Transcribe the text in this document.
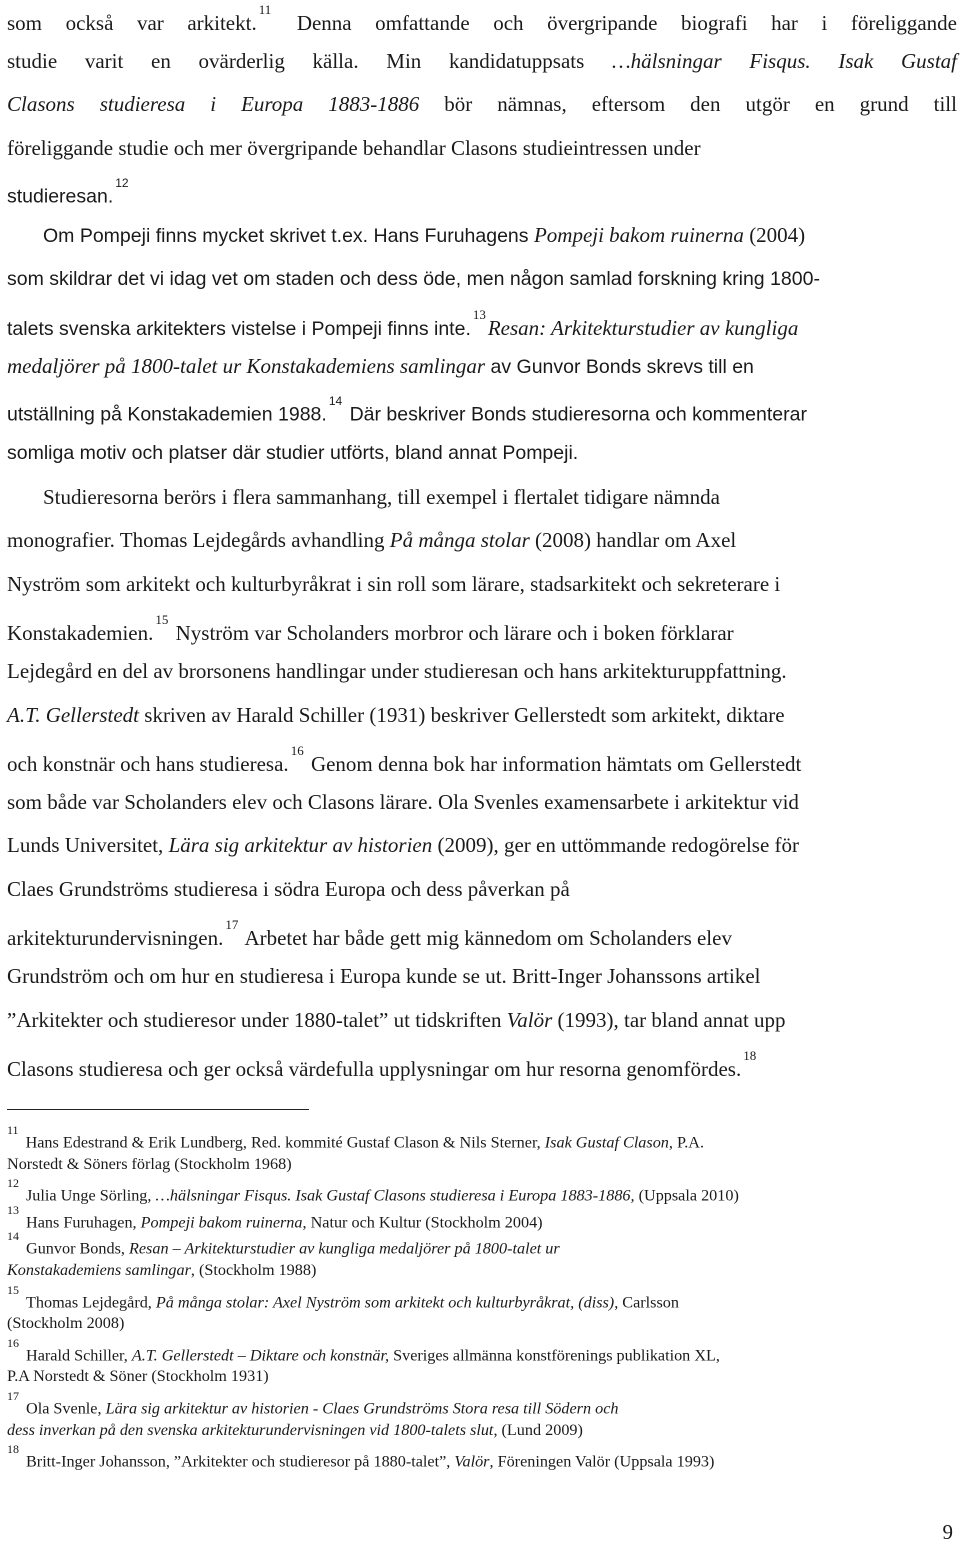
som också var arkitekt.$^{11}$ Denna omfattande och övergripande biografi har i föreliggande
studie varit en ovärderlig källa. Min kandidatuppsats …hälsningar Fisqus. Isak Gustaf
Clasons studieresa i Europa 1883-1886 bör nämnas, eftersom den utgör en grund till
föreliggande studie och mer övergripande behandlar Clasons studieintressen under
studieresan.$^{12}$
Om Pompeji finns mycket skrivet t.ex. Hans Furuhagens Pompeji bakom ruinerna (2004)
som skildrar det vi idag vet om staden och dess öde, men någon samlad forskning kring 1800-
talets svenska arkitekters vistelse i Pompeji finns inte.$^{13}$Resan: Arkitekturstudier av kungliga
medaljörer på 1800-talet ur Konstakademiens samlingar av Gunvor Bonds skrevs till en
utställning på Konstakademien 1988.14 Där beskriver Bonds studieresorna och kommenterar
somliga motiv och platser där studier utförts, bland annat Pompeji.
Studieresorna berörs i flera sammanhang, till exempel i flertalet tidigare nämnda
monografier. Thomas Lejdegårds avhandling På många stolar (2008) handlar om Axel
Nyström som arkitekt och kulturbyråkrat i sin roll som lärare, stadsarkitekt och sekreterare i
Konstakademien.$^{15}$ Nyström var Scholanders morbror och lärare och i boken förklarar
Lejdegård en del av brorsonens handlingar under studieresan och hans arkitekturuppfattning.
A.T. Gellerstedt skriven av Harald Schiller (1931) beskriver Gellerstedt som arkitekt, diktare
och konstnär och hans studieresa.$^{16}$ Genom denna bok har information hämtats om Gellerstedt
som både var Scholanders elev och Clasons lärare. Ola Svenles examensarbete i arkitektur vid
Lunds Universitet, Lära sig arkitektur av historien (2009), ger en uttömmande redogörelse för
Claes Grundströms studieresa i södra Europa och dess påverkan på
arkitekturundervisningen.$^{17}$ Arbetet har både gett mig kännedom om Scholanders elev
Grundström och om hur en studieresa i Europa kunde se ut. Britt-Inger Johanssons artikel
”Arkitekter och studieresor under 1880-talet” ut tidskriften Valör (1993), tar bland annat upp
Clasons studieresa och ger också värdefulla upplysningar om hur resorna genomfördes.$^{18}$
$^{11}$Hans Edestrand & Erik Lundberg, Red. kommité Gustaf Clason & Nils Sterner, Isak Gustaf Clason, P.A.
Norstedt & Söners förlag (Stockholm 1968)
$^{12}$Julia Unge Sörling, …hälsningar Fisqus. Isak Gustaf Clasons studieresa i Europa 1883-1886, (Uppsala 2010)
$^{13}$Hans Furuhagen, Pompeji bakom ruinerna, Natur och Kultur (Stockholm 2004)
$^{14}$Gunvor Bonds, Resan – Arkitekturstudier av kungliga medaljörer på 1800-talet ur
Konstakademiens samlingar, (Stockholm 1988)
$^{15}$Thomas Lejdegård, På många stolar: Axel Nyström som arkitekt och kulturbyråkrat, (diss), Carlsson
(Stockholm 2008)
$^{16}$Harald Schiller, A.T. Gellerstedt – Diktare och konstnär, Sveriges allmänna konstförenings publikation XL,
P.A Norstedt & Söner (Stockholm 1931)
$^{17}$Ola Svenle, Lära sig arkitektur av historien - Claes Grundströms Stora resa till Södern och
dess inverkan på den svenska arkitekturundervisningen vid 1800-talets slut, (Lund 2009)
$^{18}$Britt-Inger Johansson, ”Arkitekter och studieresor på 1880-talet”, Valör, Föreningen Valör (Uppsala 1993)
9
